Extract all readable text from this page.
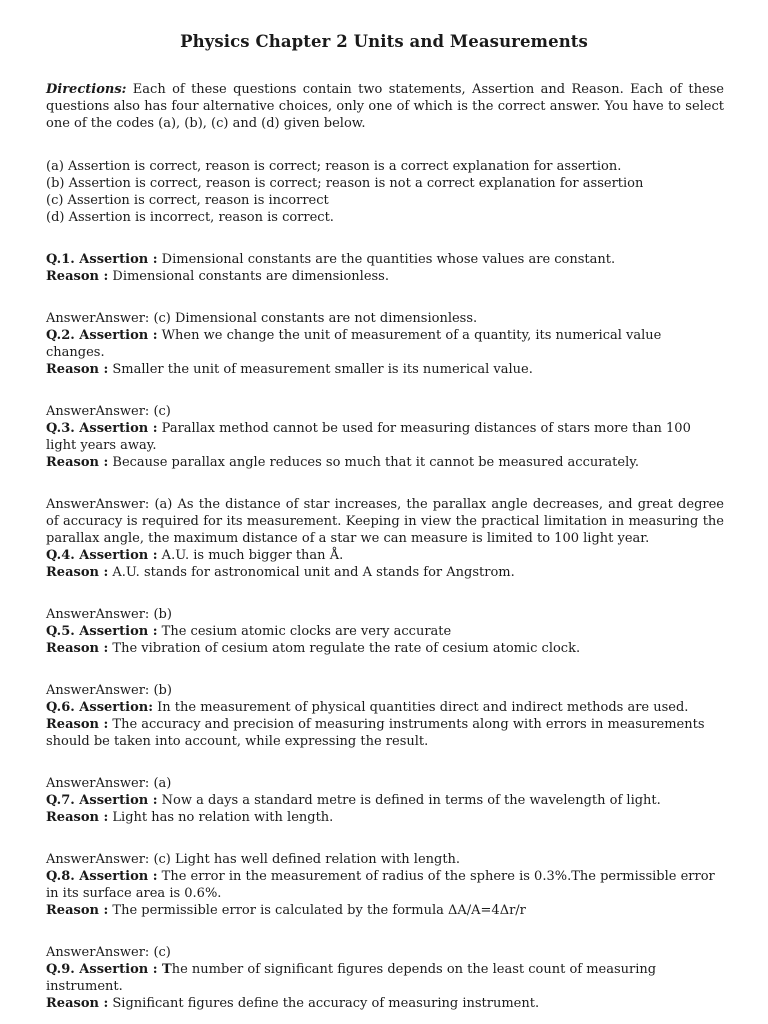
Physics Chapter 2 Units and Measurements

Directions: Each of these questions contain two statements, Assertion and Reason. Each of these questions also has four alternative choices, only one of which is the correct answer. You have to select one of the codes (a), (b), (c) and (d) given below.

(a) Assertion is correct, reason is correct; reason is a correct explanation for assertion.
(b) Assertion is correct, reason is correct; reason is not a correct explanation for assertion
(c) Assertion is correct, reason is incorrect
(d) Assertion is incorrect, reason is correct.

Q.1. Assertion : Dimensional constants are the quantities whose values are constant.

Reason : Dimensional constants are dimensionless.

AnswerAnswer: (c) Dimensional constants are not dimensionless.

Q.2. Assertion : When we change the unit of measurement of a quantity, its numerical value changes.

Reason : Smaller the unit of measurement smaller is its numerical value.

AnswerAnswer: (c)

Q.3. Assertion : Parallax method cannot be used for measuring distances of stars more than 100 light years away.

Reason : Because parallax angle reduces so much that it cannot be measured accurately.

AnswerAnswer: (a) As the distance of star increases, the parallax angle decreases, and great degree of accuracy is required for its measurement. Keeping in view the practical limitation in measuring the parallax angle, the maximum distance of a star we can measure is limited to 100 light year.

Q.4. Assertion : A.U. is much bigger than Å.

Reason : A.U. stands for astronomical unit and A stands for Angstrom.

AnswerAnswer: (b)

Q.5. Assertion : The cesium atomic clocks are very accurate

Reason : The vibration of cesium atom regulate the rate of cesium atomic clock.

AnswerAnswer: (b)

Q.6. Assertion: In the measurement of physical quantities direct and indirect methods are used.

Reason : The accuracy and precision of measuring instruments along with errors in measurements should be taken into account, while expressing the result.

AnswerAnswer: (a)

Q.7. Assertion : Now a days a standard metre is defined in terms of the wavelength of light.

Reason : Light has no relation with length.

AnswerAnswer: (c) Light has well defined relation with length.

Q.8. Assertion : The error in the measurement of radius of the sphere is 0.3%.The permissible error in its surface area is 0.6%.

Reason : The permissible error is calculated by the formula ΔA/A=4Δr/r

AnswerAnswer: (c)

Q.9. Assertion : The number of significant figures depends on the least count of measuring instrument.

Reason : Significant figures define the accuracy of measuring instrument.
